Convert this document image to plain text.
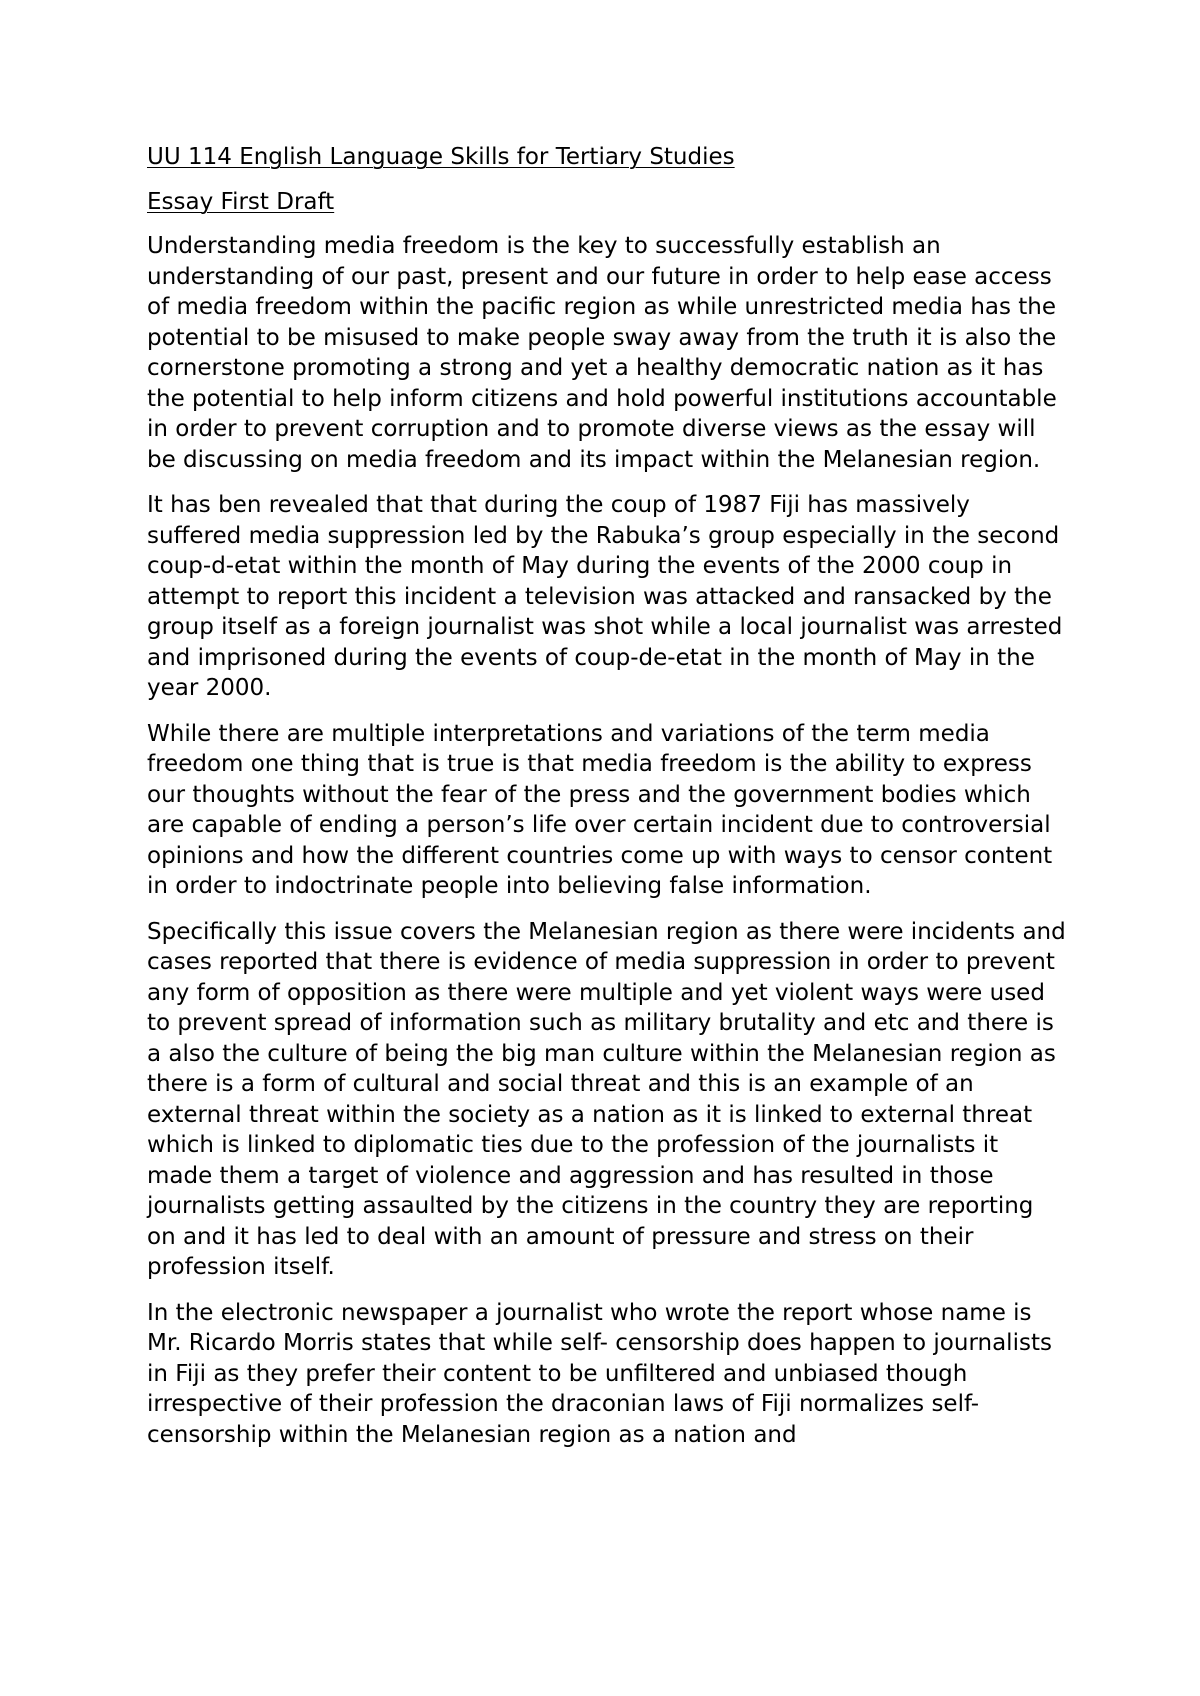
UU 114 English Language Skills for Tertiary Studies

Essay First Draft

Understanding media freedom is the key to successfully establish an understanding of our past, present and our future in order to help ease access of media freedom within the pacific region as while unrestricted media has the potential to be misused to make people sway away from the truth it is also the cornerstone promoting a strong and yet a healthy democratic nation as it has the potential to help inform citizens and hold powerful institutions accountable in order to prevent corruption and to promote diverse views as the essay will be discussing on media freedom and its impact within the Melanesian region.

It has ben revealed that that during the coup of 1987 Fiji has massively suffered media suppression led by the Rabuka’s group especially in the second coup-d-etat within the month of May during the events of the 2000 coup in attempt to report this incident a television was attacked and ransacked by the group itself as a foreign journalist was shot while a local journalist was arrested and imprisoned during the events of coup-de-etat in the month of May in the year 2000.

While there are multiple interpretations and variations of the term media freedom one thing that is true is that media freedom is the ability to express our thoughts without the fear of the press and the government bodies which are capable of ending a person’s life over certain incident due to controversial opinions and how the different countries come up with ways to censor content in order to indoctrinate people into believing false information.

Specifically this issue covers the Melanesian region as there were incidents and cases reported that there is evidence of media suppression in order to prevent any form of opposition as there were multiple and yet violent ways were used to prevent spread of information such as military brutality and etc and there is a also the culture of being the big man culture within the Melanesian region as there is a form of cultural and social threat and this is an example of an external threat within the society as a nation as it is linked to external threat which is linked to diplomatic ties due to the profession of the journalists it made them a target of violence and aggression and has resulted in those journalists getting assaulted by the citizens in the country they are reporting on and it has led to deal with an amount of pressure and stress on their profession itself.

In the electronic newspaper a journalist who wrote the report whose name is Mr. Ricardo Morris states that while self- censorship does happen to journalists in Fiji as they prefer their content to be unfiltered and unbiased though irrespective of their profession the draconian laws of Fiji normalizes self-censorship within the Melanesian region as a nation and
